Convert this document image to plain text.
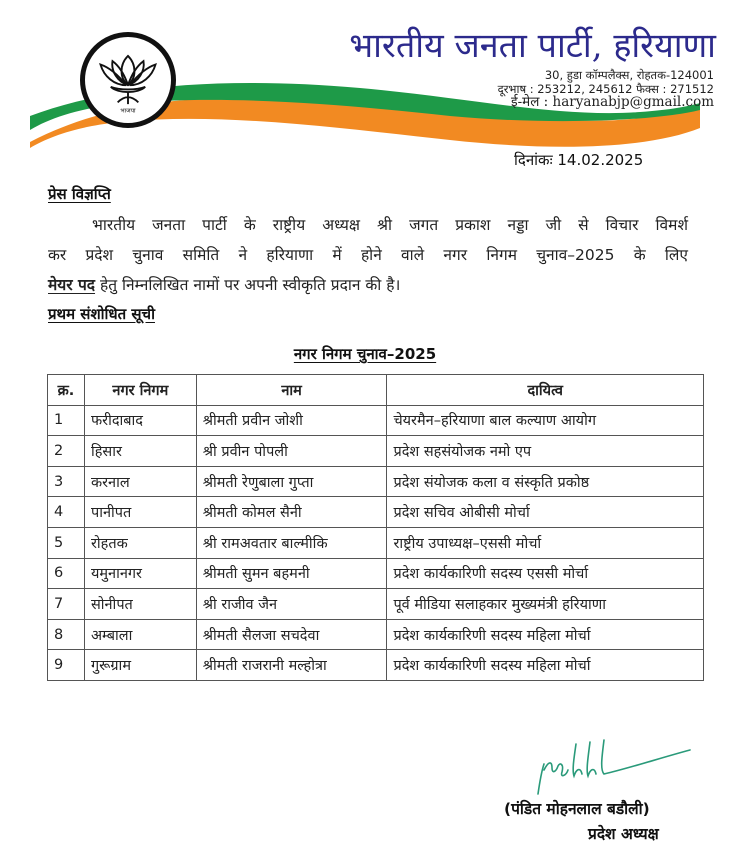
भाजपा
भारतीय जनता पार्टी, हरियाणा
30, हुडा कॉम्पलैक्स, रोहतक-124001
दूरभाष : 253212, 245612 फैक्स : 271512
ई-मेल : haryanabjp@gmail.com
दिनांकः 14.02.2025
प्रेस विज्ञप्ति
भारतीय जनता पार्टी के राष्ट्रीय अध्यक्ष श्री जगत प्रकाश नड्डा जी से विचार विमर्श
कर प्रदेश चुनाव समिति ने हरियाणा में होने वाले नगर निगम चुनाव–2025 के लिए
मेयर पद हेतु निम्नलिखित नामों पर अपनी स्वीकृति प्रदान की है।
प्रथम संशोधित सूची
नगर निगम चुनाव–2025
क्र.	नगर निगम	नाम	दायित्व
1	फरीदाबाद	श्रीमती प्रवीन जोशी	चेयरमैन–हरियाणा बाल कल्याण आयोग
2	हिसार	श्री प्रवीन पोपली	प्रदेश सहसंयोजक नमो एप
3	करनाल	श्रीमती रेणुबाला गुप्ता	प्रदेश संयोजक कला व संस्कृति प्रकोष्ठ
4	पानीपत	श्रीमती कोमल सैनी	प्रदेश सचिव ओबीसी मोर्चा
5	रोहतक	श्री रामअवतार बाल्मीकि	राष्ट्रीय उपाध्यक्ष–एससी मोर्चा
6	यमुनानगर	श्रीमती सुमन बहमनी	प्रदेश कार्यकारिणी सदस्य एससी मोर्चा
7	सोनीपत	श्री राजीव जैन	पूर्व मीडिया सलाहकार मुख्यमंत्री हरियाणा
8	अम्बाला	श्रीमती सैलजा सचदेवा	प्रदेश कार्यकारिणी सदस्य महिला मोर्चा
9	गुरूग्राम	श्रीमती राजरानी मल्होत्रा	प्रदेश कार्यकारिणी सदस्य महिला मोर्चा
(पंडित मोहनलाल बडौली)
प्रदेश अध्यक्ष
